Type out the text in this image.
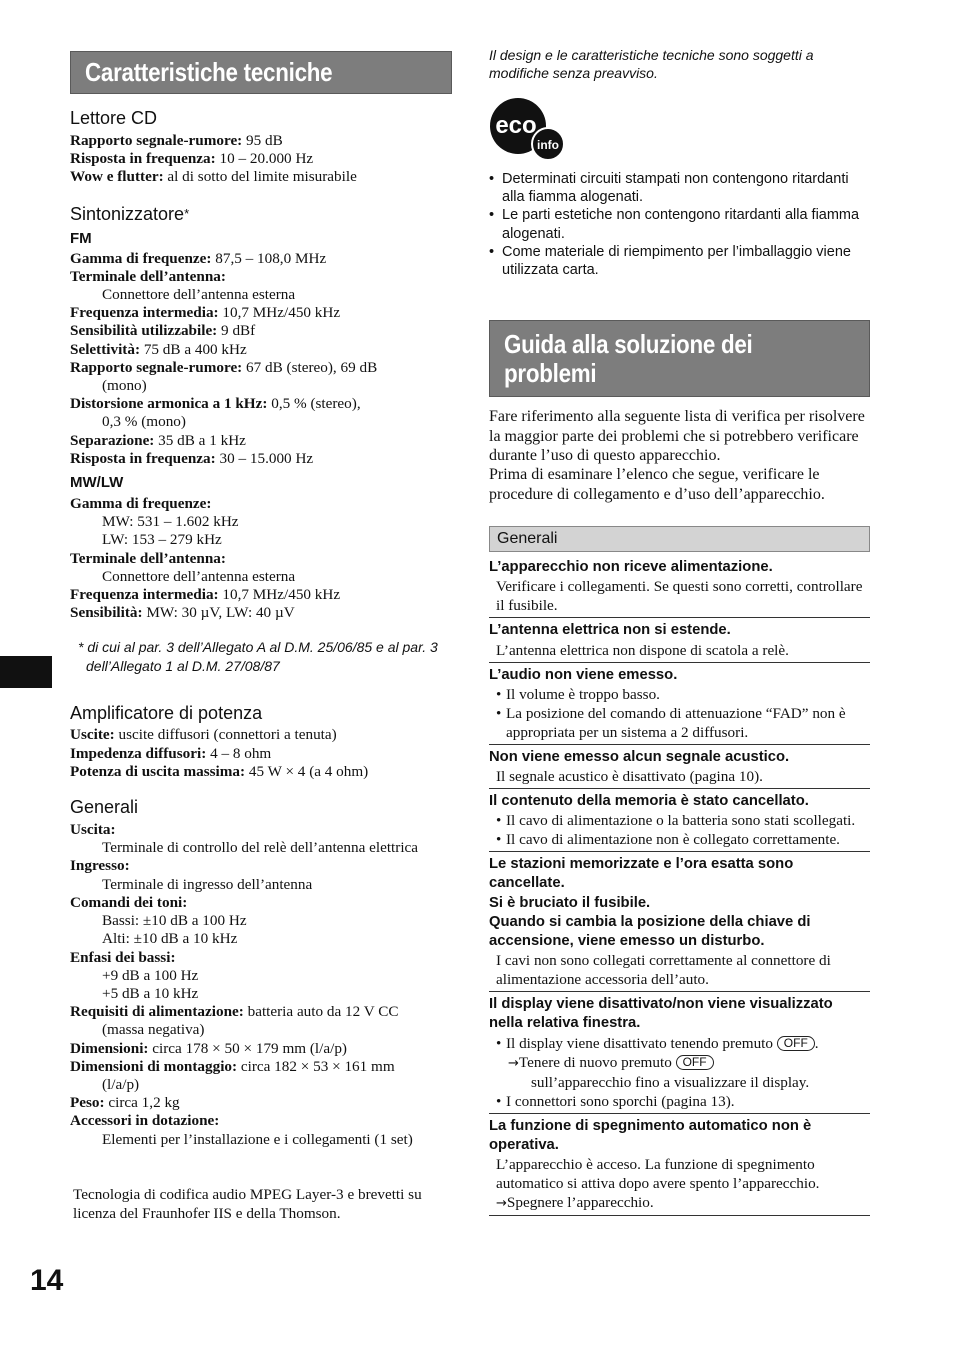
14
Caratteristiche tecniche

Lettore CD

Rapporto segnale-rumore: 95 dB

Risposta in frequenza: 10 – 20.000 Hz

Wow e flutter: al di sotto del limite misurabile

Sintonizzatore*

FM

Gamma di frequenze: 87,5 – 108,0 MHz

Terminale dell’antenna:

Connettore dell’antenna esterna

Frequenza intermedia: 10,7 MHz/450 kHz

Sensibilità utilizzabile: 9 dBf

Selettività: 75 dB a 400 kHz

Rapporto segnale-rumore: 67 dB (stereo), 69 dB

(mono)

Distorsione armonica a 1 kHz: 0,5 % (stereo),

0,3 % (mono)

Separazione: 35 dB a 1 kHz

Risposta in frequenza: 30 – 15.000 Hz

MW/LW

Gamma di frequenze:

MW: 531 – 1.602 kHz

LW: 153 – 279 kHz

Terminale dell’antenna:

Connettore dell’antenna esterna

Frequenza intermedia: 10,7 MHz/450 kHz

Sensibilità: MW: 30 µV, LW: 40 µV

* di cui al par. 3 dell’Allegato A al D.M. 25/06/85 e al par. 3 dell’Allegato 1 al D.M. 27/08/87

Amplificatore di potenza

Uscite: uscite diffusori (connettori a tenuta)

Impedenza diffusori: 4 – 8 ohm

Potenza di uscita massima: 45 W × 4 (a 4 ohm)

Generali

Uscita:

Terminale di controllo del relè dell’antenna elettrica

Ingresso:

Terminale di ingresso dell’antenna

Comandi dei toni:

Bassi: ±10 dB a 100 Hz

Alti: ±10 dB a 10 kHz

Enfasi dei bassi:

+9 dB a 100 Hz

+5 dB a 10 kHz

Requisiti di alimentazione: batteria auto da 12 V CC

(massa negativa)

Dimensioni: circa 178 × 50 × 179 mm (l/a/p)

Dimensioni di montaggio: circa 182 × 53 × 161 mm

(l/a/p)

Peso: circa 1,2 kg

Accessori in dotazione:

Elementi per l’installazione e i collegamenti (1 set)

Tecnologia di codifica audio MPEG Layer-3 e brevetti su licenza del Fraunhofer IIS e della Thomson.

Il design e le caratteristiche tecniche sono soggetti a modifiche senza preavviso.

eco
info
• Determinati circuiti stampati non contengono ritardanti alla fiamma alogenati.
• Le parti estetiche non contengono ritardanti alla fiamma alogenati.
• Come materiale di riempimento per l’imballaggio viene utilizzata carta.
Guida alla soluzione dei problemi

Fare riferimento alla seguente lista di verifica per risolvere la maggior parte dei problemi che si potrebbero verificare durante l’uso di questo apparecchio.

Prima di esaminare l’elenco che segue, verificare le procedure di collegamento e d’uso dell’apparecchio.

Generali

L’apparecchio non riceve alimentazione.

Verificare i collegamenti. Se questi sono corretti, controllare il fusibile.

L’antenna elettrica non si estende.

L’antenna elettrica non dispone di scatola a relè.

L’audio non viene emesso.

• Il volume è troppo basso.
• La posizione del comando di attenuazione “FAD” non è appropriata per un sistema a 2 diffusori.

Non viene emesso alcun segnale acustico.

Il segnale acustico è disattivato (pagina 10).

Il contenuto della memoria è stato cancellato.

• Il cavo di alimentazione o la batteria sono stati scollegati.
• Il cavo di alimentazione non è collegato correttamente.

Le stazioni memorizzate e l’ora esatta sono cancellate.

Si è bruciato il fusibile.

Quando si cambia la posizione della chiave di accensione, viene emesso un disturbo.

I cavi non sono collegati correttamente al connettore di alimentazione accessoria dell’auto.

Il display viene disattivato/non viene visualizzato nella relativa finestra.

• Il display viene disattivato tenendo premuto OFF .

→Tenere di nuovo premuto OFF

sull’apparecchio fino a visualizzare il display.

• I connettori sono sporchi (pagina 13).

La funzione di spegnimento automatico non è operativa.

L’apparecchio è acceso. La funzione di spegnimento automatico si attiva dopo avere spento l’apparecchio.

→Spegnere l’apparecchio.
